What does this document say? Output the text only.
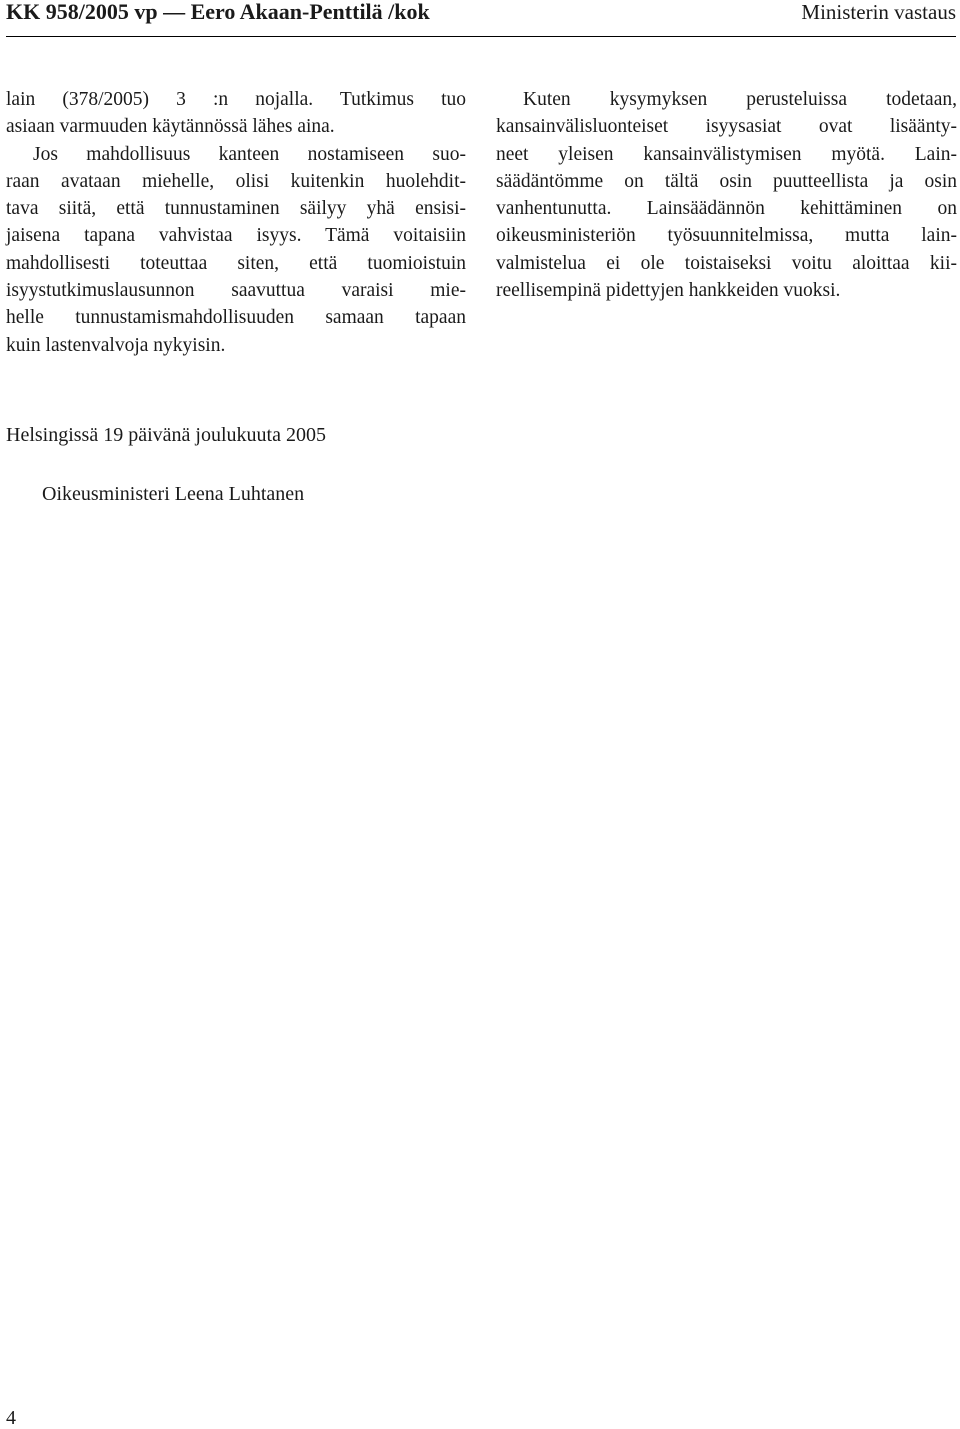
KK 958/2005 vp — Eero Akaan-Penttilä /kok	Ministerin vastaus
lain (378/2005) 3 :n nojalla. Tutkimus tuo
asiaan varmuuden käytännössä lähes aina.
Jos mahdollisuus kanteen nostamiseen suo-
raan avataan miehelle, olisi kuitenkin huolehdit-
tava siitä, että tunnustaminen säilyy yhä ensisi-
jaisena tapana vahvistaa isyys. Tämä voitaisiin
mahdollisesti toteuttaa siten, että tuomioistuin
isyystutkimuslausunnon saavuttua varaisi mie-
helle tunnustamismahdollisuuden samaan tapaan
kuin lastenvalvoja nykyisin.
Kuten kysymyksen perusteluissa todetaan,
kansainvälisluonteiset isyysasiat ovat lisäänty-
neet yleisen kansainvälistymisen myötä. Lain-
säädäntömme on tältä osin puutteellista ja osin
vanhentunutta. Lainsäädännön kehittäminen on
oikeusministeriön työsuunnitelmissa, mutta lain-
valmistelua ei ole toistaiseksi voitu aloittaa kii-
reellisempinä pidettyjen hankkeiden vuoksi.
Helsingissä 19 päivänä joulukuuta 2005
Oikeusministeri Leena Luhtanen
4
